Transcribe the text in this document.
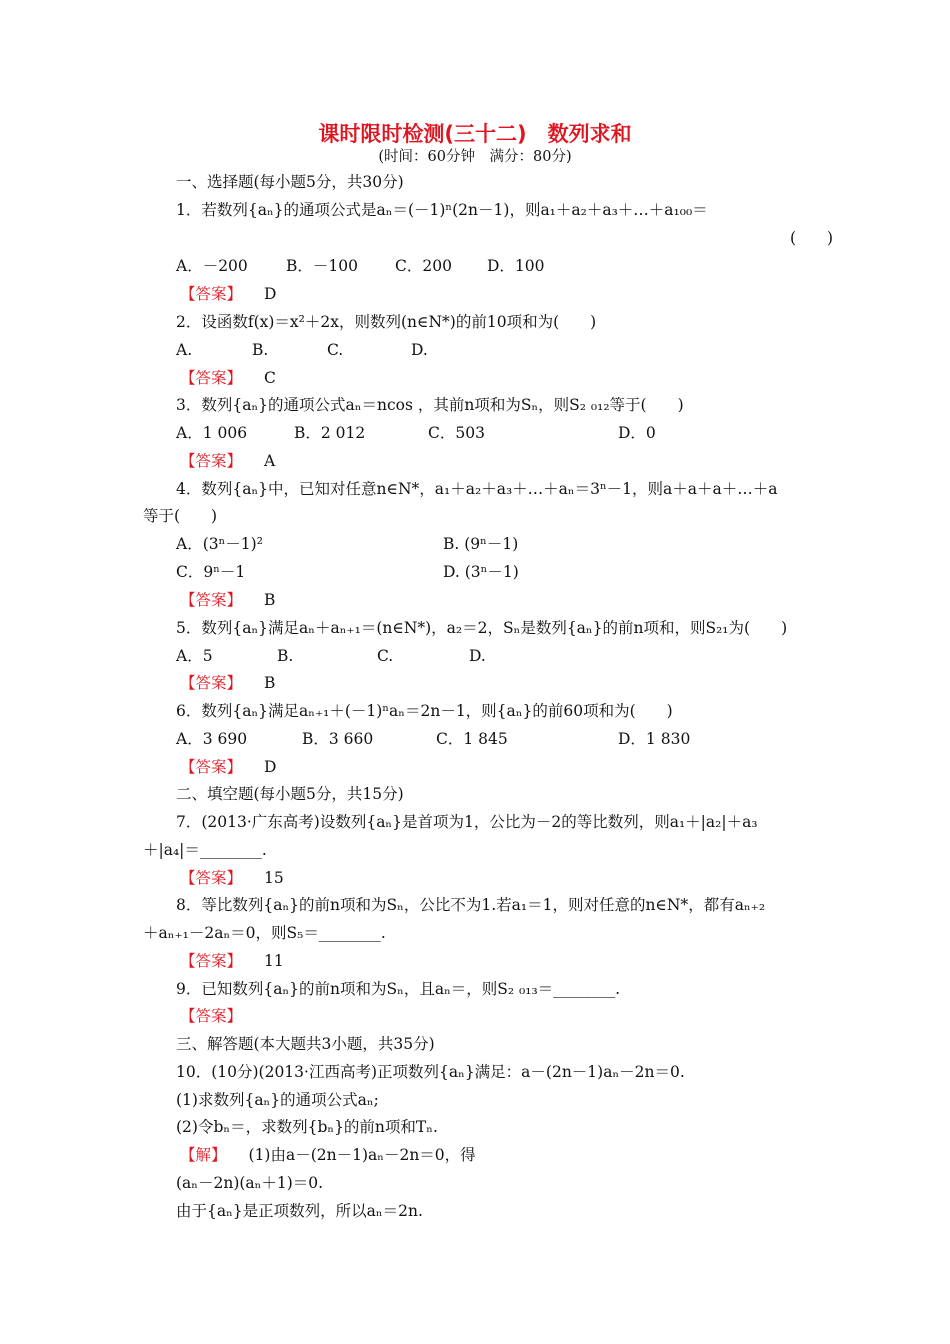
课时限时检测(三十二)　数列求和
(时间：60分钟　满分：80分)
一、选择题(每小题5分，共30分)
1．若数列{aₙ}的通项公式是aₙ＝(－1)ⁿ(2n－1)，则a₁＋a₂＋a₃＋…＋a₁₀₀＝
(　　)
A．－200 B．－100 C．200 D．100
【答案】 D
2．设函数f(x)＝x²＋2x，则数列(n∈N*)的前10项和为(　　)
A.	B.	C.	D.
【答案】 C
3．数列{aₙ}的通项公式aₙ＝ncos ，其前n项和为Sₙ，则S₂ ₀₁₂等于(　　)
A．1 006	B．2 012	C．503	D．0
【答案】 A
4．数列{aₙ}中，已知对任意n∈N*，a₁＋a₂＋a₃＋…＋aₙ＝3ⁿ－1，则a＋a＋a＋…＋a
等于(　　)
A．(3ⁿ－1)²	B. (9ⁿ－1)
C．9ⁿ－1	D. (3ⁿ－1)
【答案】 B
5．数列{aₙ}满足aₙ＋aₙ₊₁＝(n∈N*)，a₂＝2，Sₙ是数列{aₙ}的前n项和，则S₂₁为(　　)
A．5	B.	C.	D.
【答案】 B
6．数列{aₙ}满足aₙ₊₁＋(－1)ⁿaₙ＝2n－1，则{aₙ}的前60项和为(　　)
A．3 690	B．3 660	C．1 845	D．1 830
【答案】 D
二、填空题(每小题5分，共15分)
7．(2013·广东高考)设数列{aₙ}是首项为1，公比为－2的等比数列，则a₁＋|a₂|＋a₃
＋|a₄|＝________.
【答案】 15
8．等比数列{aₙ}的前n项和为Sₙ，公比不为1.若a₁＝1，则对任意的n∈N*，都有aₙ₊₂
＋aₙ₊₁－2aₙ＝0，则S₅＝________.
【答案】 11
9．已知数列{aₙ}的前n项和为Sₙ，且aₙ＝，则S₂ ₀₁₃＝________.
【答案】
三、解答题(本大题共3小题，共35分)
10．(10分)(2013·江西高考)正项数列{aₙ}满足：a－(2n－1)aₙ－2n＝0.
(1)求数列{aₙ}的通项公式aₙ;
(2)令bₙ＝，求数列{bₙ}的前n项和Tₙ.
【解】 (1)由a－(2n－1)aₙ－2n＝0，得
(aₙ－2n)(aₙ＋1)＝0.
由于{aₙ}是正项数列，所以aₙ＝2n.
